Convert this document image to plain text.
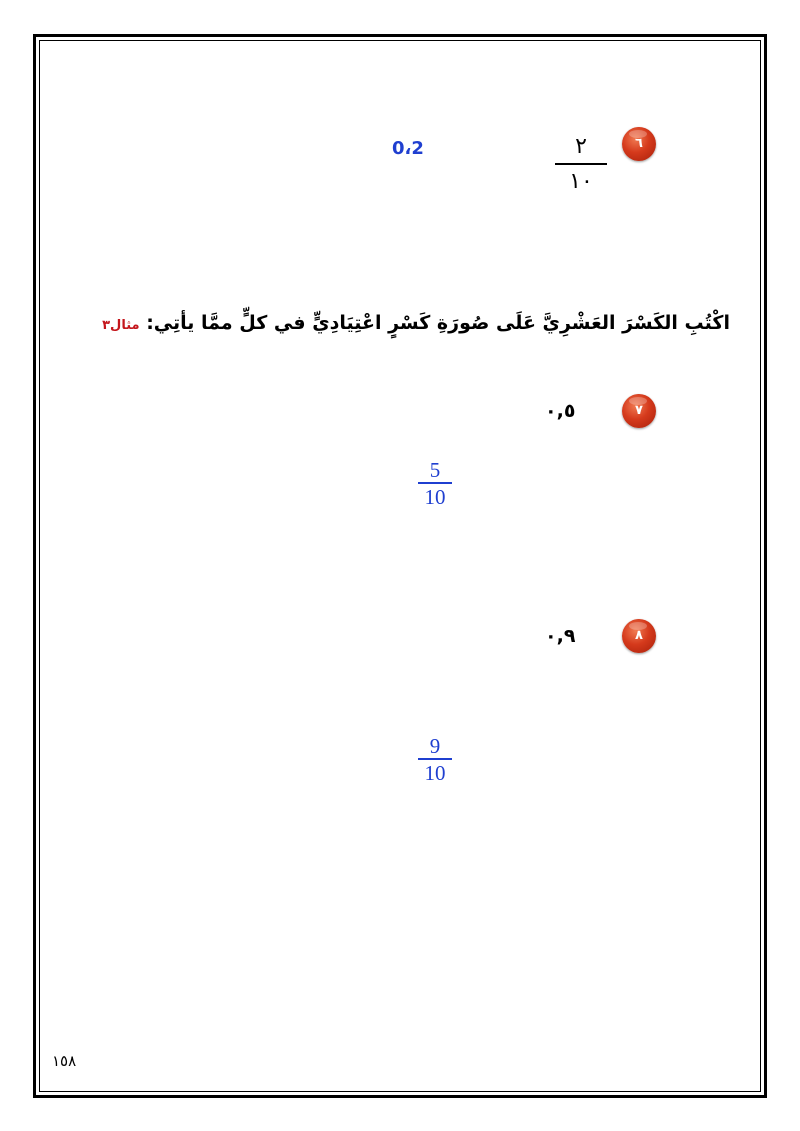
٦
٢
١٠
0،2
اكْتُبِ الكَسْرَ العَشْرِيَّ عَلَى صُورَةِ كَسْرٍ اعْتِيَادِيٍّ في كلٍّ ممَّا يأتِي: مثال٣
٧
٠,٥
5
10
٨
٠,٩
9
10
١٥٨
